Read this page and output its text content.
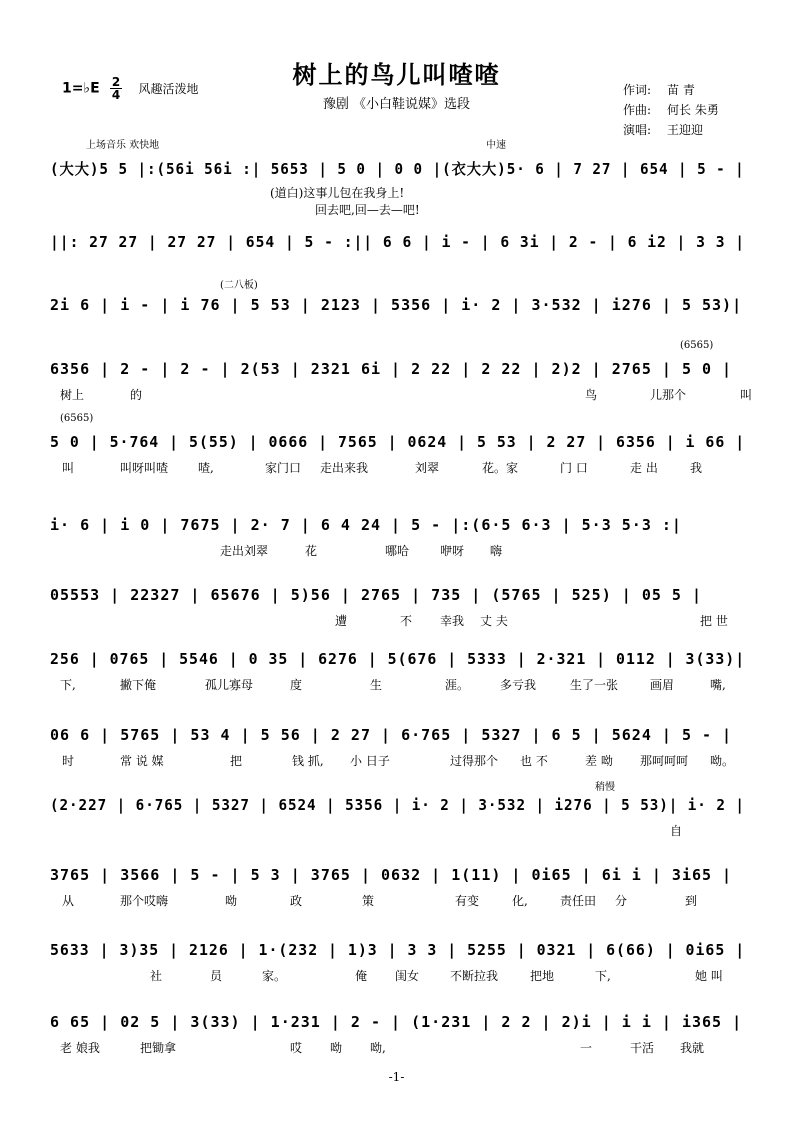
树上的鸟儿叫喳喳
豫剧 《小白鞋说媒》选段
1=♭E $\frac{2}{4}$ 风趣活泼地	作词: 苗 青
作曲: 何长 朱勇
演唱: 王迎迎
(大大)5 5 |:(56i 56i :| 5653 | 5 0 | 0 0 |(衣大大)5· 6 | 7 27 | 654 | 5 - |
上场音乐 欢快地	中速
(道白)这事儿包在我身上!
回去吧,回—去—吧!
||: 27 27 | 27 27 | 654 | 5 - :|| 6 6 | i - | 6 3i | 2 - | 6 i2 | 3 3 |
2i 6 | i - | i 76 | 5 53 | 2123 | 5356 | i· 2 | 3·532 | i276 | 5 53)|
(二八板)
6356 | 2 - | 2 - | 2(53 | 2321 6i | 2 22 | 2 22 | 2)2 | 2765 | 5 0 |
(6565)
树上	的	鸟	儿那个	叫
5 0 | 5·764 | 5(55) | 0666 | 7565 | 0624 | 5 53 | 2 27 | 6356 | i 66 |
(6565)
叫	叫呀叫喳 喳,	家门口 走出来我	刘翠	花。家	门 口	走 出	我
i· 6 | i 0 | 7675 | 2· 7 | 6 4 24 | 5 - |:(6·5 6·3 | 5·3 5·3 :|
走出刘翠	花	哪哈	咿呀 嗨
05553 | 22327 | 65676 | 5)56 | 2765 | 735 | (5765 | 525) | 05 5 |
遭	不 幸我 丈 夫	把 世
256 | 0765 | 5546 | 0 35 | 6276 | 5(676 | 5333 | 2·321 | 0112 | 3(33)|
下,	撇下俺	孤儿寡母	度	生	涯。	多亏我	生了一张	画眉	嘴,
06 6 | 5765 | 53 4 | 5 56 | 2 27 | 6·765 | 5327 | 6 5 | 5624 | 5 - |
时	常 说 媒	把	钱 抓, 小 日子	过得那个 也 不	差 呦 那呵呵呵 呦。
(2·227 | 6·765 | 5327 | 6524 | 5356 | i· 2 | 3·532 | i276 | 5 53)| i· 2 |
稍慢
自
3765 | 3566 | 5 - | 5 3 | 3765 | 0632 | 1(11) | 0i65 | 6i i | 3i65 |
从	那个哎嗨	呦	政	策	有变	化,	责任田 分	到
5633 | 3)35 | 2126 | 1·(232 | 1)3 | 3 3 | 5255 | 0321 | 6(66) | 0i65 |
社	员	家。	俺 闺女	不断拉我	把地	下,	她 叫
6 65 | 02 5 | 3(33) | 1·231 | 2 - | (1·231 | 2 2 | 2)i | i i | i365 |
老 娘我	把锄拿	哎 呦 呦,	一	干活 我就
-1-
